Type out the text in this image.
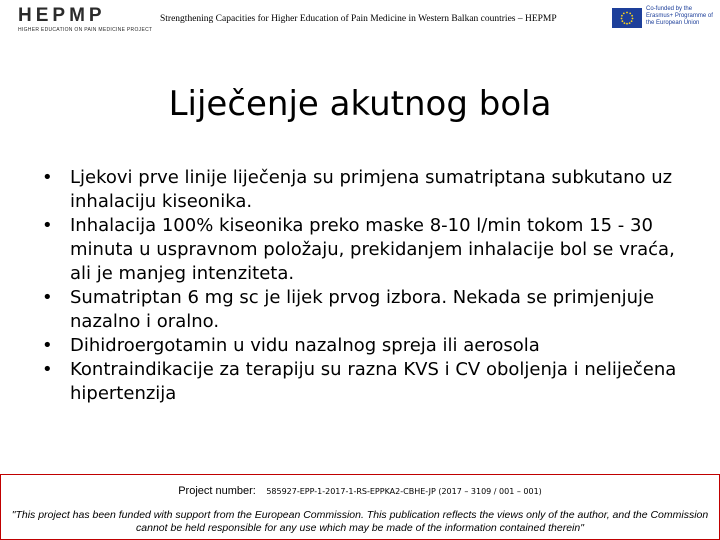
HEPMP
HIGHER EDUCATION ON PAIN MEDICINE PROJECT
Strengthening Capacities for Higher Education of Pain Medicine in Western Balkan countries – HEPMP
Co-funded by the Erasmus+ Programme of the European Union
Liječenje akutnog bola
• Ljekovi prve linije liječenja su primjena sumatriptana subkutano uz inhalaciju kiseonika.
• Inhalacija 100% kiseonika preko maske 8-10 l/min tokom 15 - 30 minuta u uspravnom položaju, prekidanjem inhalacije bol se vraća, ali je manjeg intenziteta.
• Sumatriptan 6 mg sc je lijek prvog izbora. Nekada se primjenjuje nazalno i oralno.
• Dihidroergotamin u vidu nazalnog spreja ili aerosola
• Kontraindikacije za terapiju su razna KVS i CV oboljenja i neliječena hipertenzija
Project number: 585927-EPP-1-2017-1-RS-EPPKA2-CBHE-JP (2017 – 3109 / 001 – 001)
"This project has been funded with support from the European Commission. This publication reflects the views only of the author, and the Commission cannot be held responsible for any use which may be made of the information contained therein"
